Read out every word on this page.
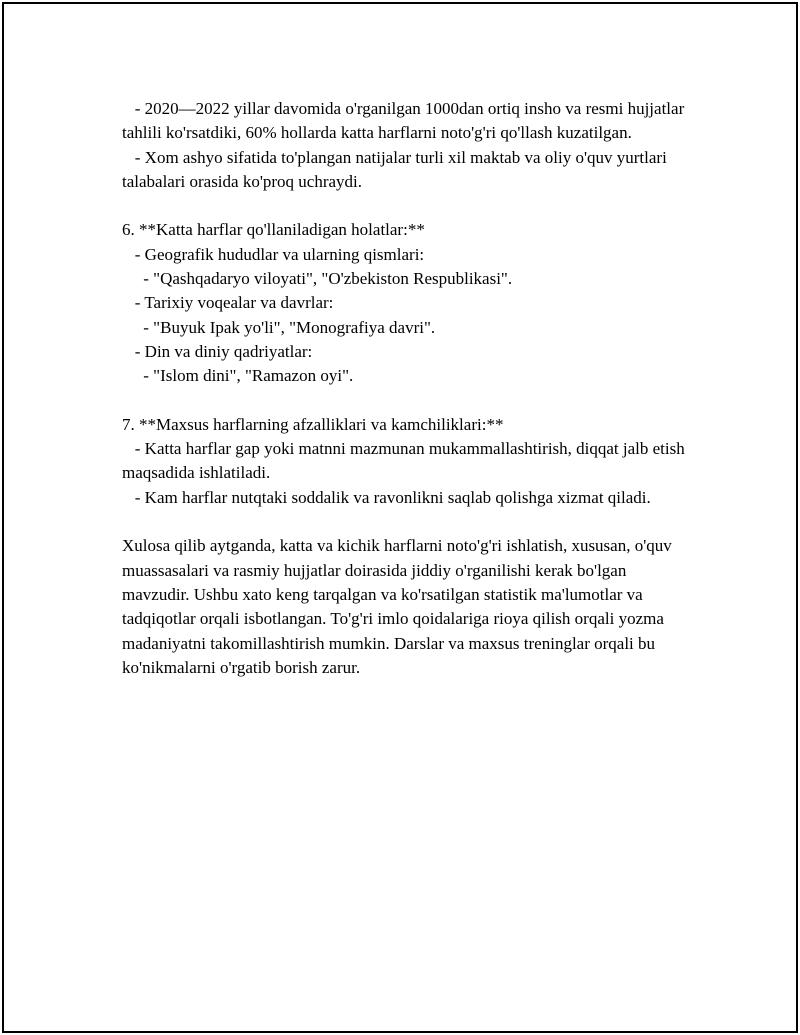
- 2020—2022 yillar davomida o'rganilgan 1000dan ortiq insho va resmi hujjatlar tahlili ko'rsatdiki, 60% hollarda katta harflarni noto'g'ri qo'llash kuzatilgan.

- Xom ashyo sifatida to'plangan natijalar turli xil maktab va oliy o'quv yurtlari talabalari orasida ko'proq uchraydi.

6. **Katta harflar qo'llaniladigan holatlar:**

- Geografik hududlar va ularning qismlari:

- "Qashqadaryo viloyati", "O'zbekiston Respublikasi".

- Tarixiy voqealar va davrlar:

- "Buyuk Ipak yo'li", "Monografiya davri".

- Din va diniy qadriyatlar:

- "Islom dini", "Ramazon oyi".

7. **Maxsus harflarning afzalliklari va kamchiliklari:**

- Katta harflar gap yoki matnni mazmunan mukammallashtirish, diqqat jalb etish maqsadida ishlatiladi.

- Kam harflar nutqtaki soddalik va ravonlikni saqlab qolishga xizmat qiladi.

Xulosa qilib aytganda, katta va kichik harflarni noto'g'ri ishlatish, xususan, o'quv muassasalari va rasmiy hujjatlar doirasida jiddiy o'rganilishi kerak bo'lgan mavzudir. Ushbu xato keng tarqalgan va ko'rsatilgan statistik ma'lumotlar va tadqiqotlar orqali isbotlangan. To'g'ri imlo qoidalariga rioya qilish orqali yozma madaniyatni takomillashtirish mumkin. Darslar va maxsus treninglar orqali bu ko'nikmalarni o'rgatib borish zarur.
